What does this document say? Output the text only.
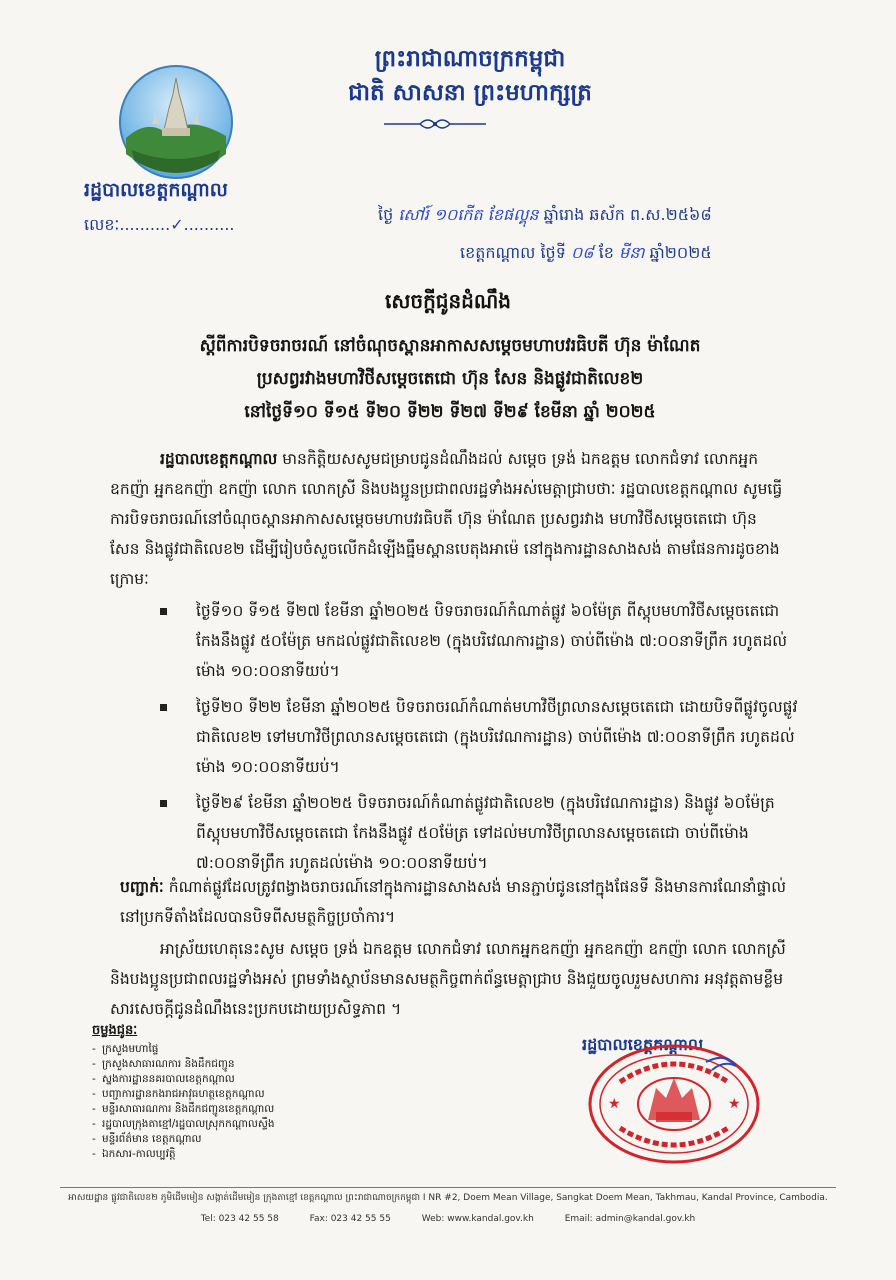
រដ្ឋបាលខេត្តកណ្តាល
លេខៈ..........✓..........
ព្រះរាជាណាចក្រកម្ពុជា
ជាតិ សាសនា ព្រះមហាក្សត្រ
ថ្ងៃ សៅរ៍ ១០កើត ខែផល្គុន ឆ្នាំរោង ឆស័ក ព.ស.២៥៦៨
ខេត្តកណ្តាល ថ្ងៃទី ០៨ ខែ មីនា ឆ្នាំ២០២៥
សេចក្តីជូនដំណឹង
ស្តីពីការបិទចរាចរណ៍ នៅចំណុចស្ពានអាកាសសម្តេចមហាបវរធិបតី ហ៊ុន ម៉ាណែត
ប្រសព្វរវាងមហាវិថីសម្តេចតេជោ ហ៊ុន សែន និងផ្លូវជាតិលេខ២
នៅថ្ងៃទី១០ ទី១៥ ទី២០ ទី២២ ទី២៧ ទី២៩ ខែមីនា ឆ្នាំ ២០២៥
រដ្ឋបាលខេត្តកណ្តាល មានកិត្តិយសសូមជម្រាបជូនដំណឹងដល់ សម្តេច ទ្រង់ ឯកឧត្តម លោកជំទាវ លោកអ្នកឧកញ៉ា អ្នកឧកញ៉ា ឧកញ៉ា លោក លោកស្រី និងបងប្អូនប្រជាពលរដ្ឋទាំងអស់មេត្តាជ្រាបថាៈ រដ្ឋបាលខេត្តកណ្តាល សូមធ្វើការបិទចរាចរណ៍នៅចំណុចស្ពានអាកាសសម្តេចមហាបវរធិបតី ហ៊ុន ម៉ាណែត ប្រសព្វរវាង មហាវិថីសម្តេចតេជោ ហ៊ុន សែន និងផ្លូវជាតិលេខ២ ដើម្បីរៀបចំសួចលើកដំឡើងធ្នឹមស្ពានបេតុងអាម៉េ នៅក្នុងការដ្ឋានសាងសង់ តាមផែនការដូចខាងក្រោមៈ
ថ្ងៃទី១០ ទី១៥ ទី២៧ ខែមីនា ឆ្នាំ២០២៥ បិទចរាចរណ៍កំណាត់ផ្លូវ ៦០ម៉ែត្រ ពីស្តុបមហាវិថីសម្តេចតេជោ កែងនឹងផ្លូវ ៥០ម៉ែត្រ មកដល់ផ្លូវជាតិលេខ២ (ក្នុងបរិវេណការដ្ឋាន) ចាប់ពីម៉ោង ៧:០០នាទីព្រឹក រហូតដល់ម៉ោង ១០:០០នាទីយប់។
ថ្ងៃទី២០ ទី២២ ខែមីនា ឆ្នាំ២០២៥ បិទចរាចរណ៍កំណាត់មហាវិថីព្រលានសម្តេចតេជោ ដោយបិទពីផ្លូវចូលផ្លូវជាតិលេខ២ ទៅមហាវិថីព្រលានសម្តេចតេជោ (ក្នុងបរិវេណការដ្ឋាន) ចាប់ពីម៉ោង ៧:០០នាទីព្រឹក រហូតដល់ម៉ោង ១០:០០នាទីយប់។
ថ្ងៃទី២៩ ខែមីនា ឆ្នាំ២០២៥ បិទចរាចរណ៍កំណាត់ផ្លូវជាតិលេខ២ (ក្នុងបរិវេណការដ្ឋាន) និងផ្លូវ ៦០ម៉ែត្រ ពីស្តុបមហាវិថីសម្តេចតេជោ កែងនឹងផ្លូវ ៥០ម៉ែត្រ ទៅដល់មហាវិថីព្រលានសម្តេចតេជោ ចាប់ពីម៉ោង ៧:០០នាទីព្រឹក រហូតដល់ម៉ោង ១០:០០នាទីយប់។
បញ្ជាក់ៈ កំណាត់ផ្លូវដែលត្រូវពង្វាងចរាចរណ៍នៅក្នុងការដ្ឋានសាងសង់ មានភ្ជាប់ជូននៅក្នុងផែនទី និងមានការណែនាំផ្ទាល់នៅប្រកទីតាំងដែលបានបិទពីសមត្ថកិច្ចប្រចាំការ។
អាស្រ័យហេតុនេះសូម សម្តេច ទ្រង់ ឯកឧត្តម លោកជំទាវ លោកអ្នកឧកញ៉ា អ្នកឧកញ៉ា ឧកញ៉ា លោក លោកស្រី និងបងប្អូនប្រជាពលរដ្ឋទាំងអស់ ព្រមទាំងស្ថាប័នមានសមត្ថកិច្ចពាក់ព័ន្ធមេត្តាជ្រាប និងជួយចូលរួមសហការ អនុវត្តតាមខ្លឹមសារសេចក្តីជូនដំណឹងនេះប្រកបដោយប្រសិទ្ធភាព ។
ចម្លងជូនៈ
- ក្រសួងមហាផ្ទៃ
- ក្រសួងសាធារណការ និងដឹកជញ្ជូន
- ស្នងការដ្ឋាននគរបាលខេត្តកណ្តាល
- បញ្ជាការដ្ឋានកងរាជអាវុធហត្ថខេត្តកណ្តាល
- មន្ទីរសាធារណការ និងដឹកជញ្ជូនខេត្តកណ្តាល
- រដ្ឋបាលក្រុងតាខ្មៅ/រដ្ឋបាលស្រុកកណ្តាលស្ទឹង
- មន្ទីរព័ត៌មាន ខេត្តកណ្តាល
- ឯកសារ-កាលប្បវត្តិ
រដ្ឋបាលខេត្តកណ្តាល
★	★
អាសយដ្ឋាន ផ្លូវជាតិលេខ២ ភូមិដើមមៀន សង្កាត់ដើមមៀន ក្រុងតាខ្មៅ ខេត្តកណ្តាល ព្រះរាជាណាចក្រកម្ពុជា I NR #2, Doem Mean Village, Sangkat Doem Mean, Takhmau, Kandal Province, Cambodia.
Tel: 023 42 55 58	Fax: 023 42 55 55	Web: www.kandal.gov.kh	Email: admin@kandal.gov.kh
